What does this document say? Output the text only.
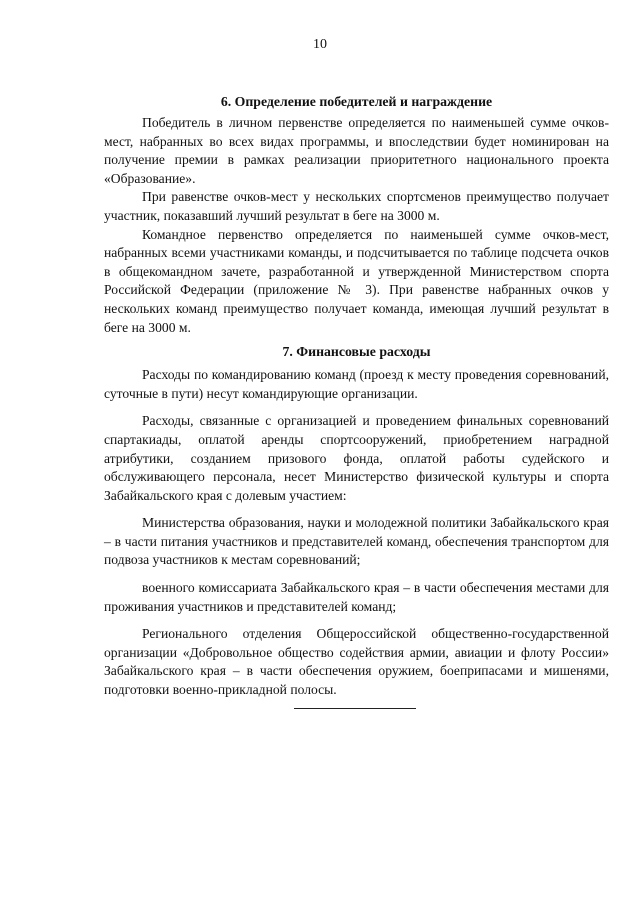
10
6. Определение победителей и награждение

Победитель в личном первенстве определяется по наименьшей сумме очков-мест, набранных во всех видах программы, и впоследствии будет номинирован на получение премии в рамках реализации приоритетного национального проекта «Образование».

При равенстве очков-мест у нескольких спортсменов преимущество получает участник, показавший лучший результат в беге на 3000 м.

Командное первенство определяется по наименьшей сумме очков-мест, набранных всеми участниками команды, и подсчитывается по таблице подсчета очков в общекомандном зачете, разработанной и утвержденной Министерством спорта Российской Федерации (приложение № 3). При равенстве набранных очков у нескольких команд преимущество получает команда, имеющая лучший результат в беге на 3000 м.

7. Финансовые расходы

Расходы по командированию команд (проезд к месту проведения соревнований, суточные в пути) несут командирующие организации.

Расходы, связанные с организацией и проведением финальных соревнований спартакиады, оплатой аренды спортсооружений, приобретением наградной атрибутики, созданием призового фонда, оплатой работы судейского и обслуживающего персонала, несет Министерство физической культуры и спорта Забайкальского края с долевым участием:

Министерства образования, науки и молодежной политики Забайкальского края – в части питания участников и представителей команд, обеспечения транспортом для подвоза участников к местам соревнований;

военного комиссариата Забайкальского края – в части обеспечения местами для проживания участников и представителей команд;

Регионального отделения Общероссийской общественно-государственной организации «Добровольное общество содействия армии, авиации и флоту России» Забайкальского края – в части обеспечения оружием, боеприпасами и мишенями, подготовки военно-прикладной полосы.
